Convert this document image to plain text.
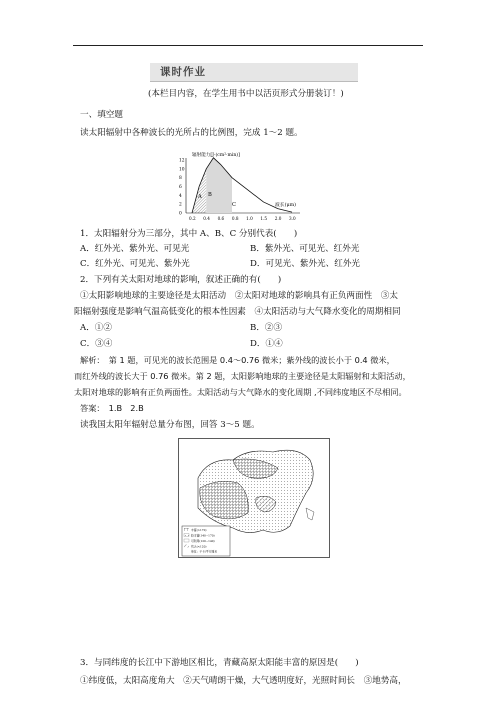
课时作业
(本栏目内容，在学生用书中以活页形式分册装订！)
一、填空题
读太阳辐射中各种波长的光所占的比例图，完成 1～2 题。
辐射能力[J·(cm²·min)]
12
10
8
6
4
2
0
0.2 0.4 0.6 0.8 1.0 1.5 2.0 3.0
A B
C	波长(μm)
1．太阳辐射分为三部分，其中 A、B、C 分别代表(　　)
A．红外光、紫外光、可见光	B．紫外光、可见光、红外光
C．红外光、可见光、紫外光	D．可见光、紫外光、红外光
2．下列有关太阳对地球的影响，叙述正确的有(　　)
①太阳影响地球的主要途径是太阳活动　②太阳对地球的影响具有正负两面性　③太
阳辐射强度是影响气温高低变化的根本性因素　④太阳活动与大气降水变化的周期相同
A．①②	B．②③
C．③④	D．①④
解析：　第 1 题，可见光的波长范围是 0.4～0.76 微米；紫外线的波长小于 0.4 微米，
而红外线的波长大于 0.76 微米。第 2 题，太阳影响地球的主要途径是太阳辐射和太阳活动，
太阳对地球的影响有正负两面性。太阳活动与大气降水的变化周期 ,不同纬度地区不尽相同。
答案：　1.B　2.B
读我国太阳年辐射总量分布图，回答 3～5 题。
丰富(>170)
较丰富(140~170)
可利用(120~140)
贫乏(<120)
单位：千卡/平方厘米
3．与同纬度的长江中下游地区相比，青藏高原太阳能丰富的原因是(　　)
①纬度低，太阳高度角大　②天气晴朗干燥，大气透明度好，光照时间长　③地势高，
